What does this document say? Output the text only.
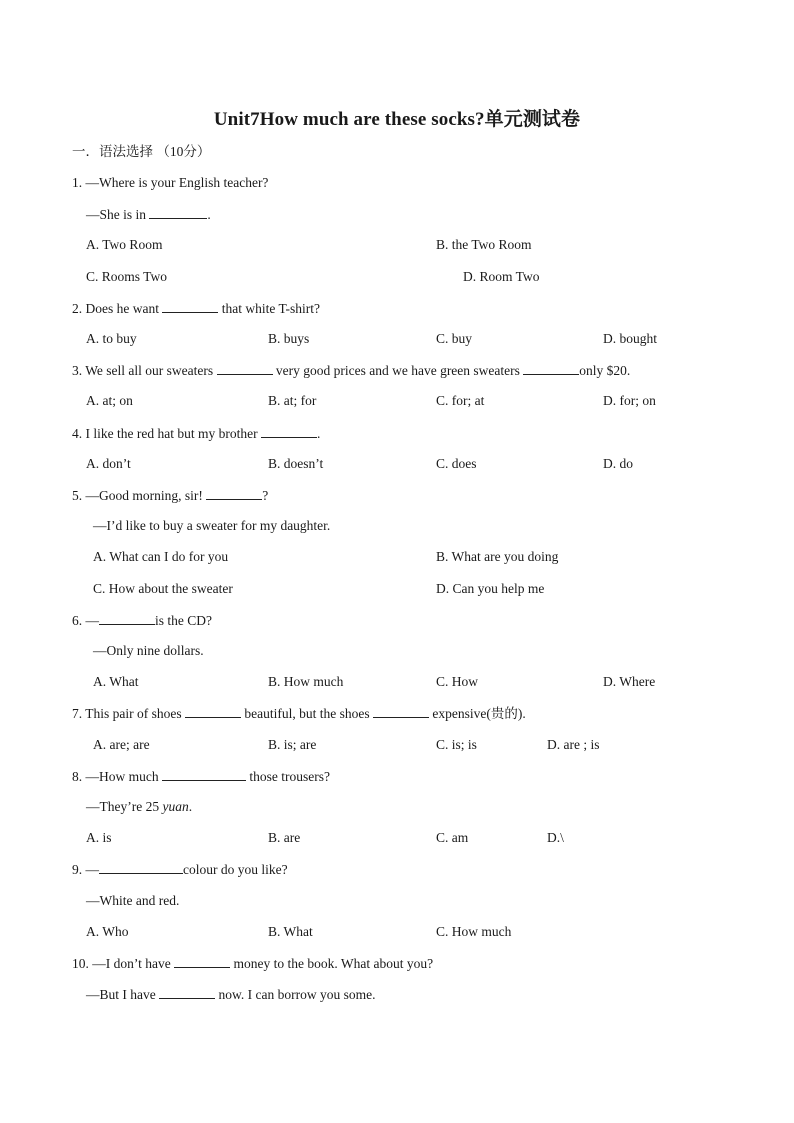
Unit7How much are these socks?单元测试卷
一．语法选择 （10分）
1. —Where is your English teacher?
—She is in	.
A. Two Room	B. the Two Room
C. Rooms Two	D. Room Two
2. Does he want	that white T-shirt?
A. to buy	B. buys	C. buy	D. bought
3. We sell all our sweaters	very good prices and we have green sweaters	only $20.
A. at; on	B. at; for	C. for; at	D. for; on
4. I like the red hat but my brother	.
A. don’t	B. doesn’t	C. does	D. do
5. —Good morning, sir!	?
—I’d like to buy a sweater for my daughter.
A. What can I do for you	B. What are you doing
C. How about the sweater	D. Can you help me
6. —	is the CD?
—Only nine dollars.
A. What	B. How much	C. How	D. Where
7. This pair of shoes	beautiful, but the shoes	expensive(贵的).
A. are; are	B. is; are	C. is; is	D. are ; is
8. —How much	those trousers?
—They’re 25 yuan.
A. is	B. are	C. am	D.\
9. —	colour do you like?
—White and red.
A. Who	B. What	C. How much
10. —I don’t have	money to the book. What about you?
—But I have	now. I can borrow you some.
